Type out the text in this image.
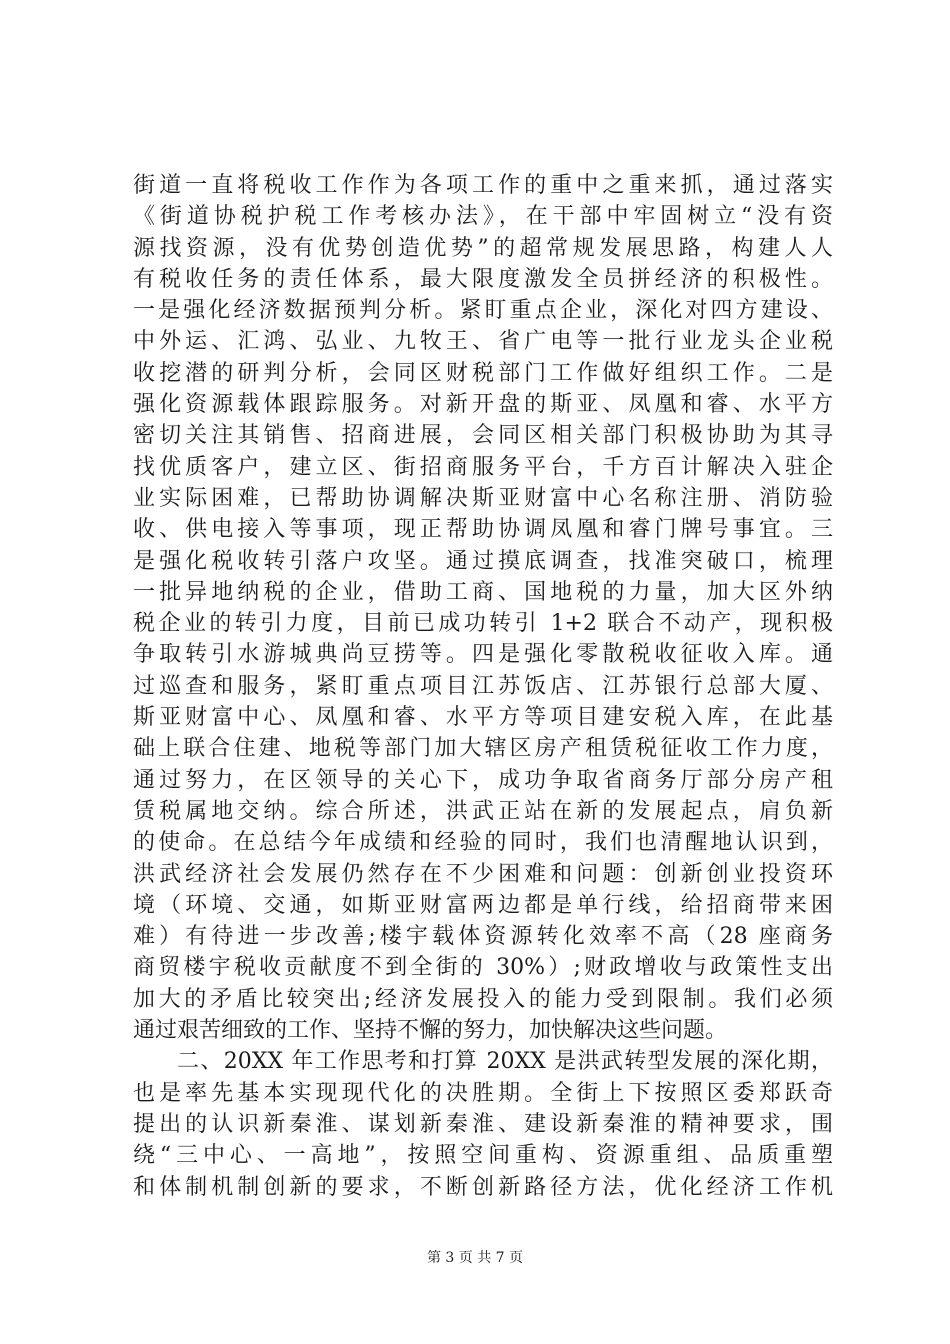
街道一直将税收工作作为各项工作的重中之重来抓，通过落实
《街道协税护税工作考核办法》，在干部中牢固树立“没有资
源找资源，没有优势创造优势”的超常规发展思路，构建人人
有税收任务的责任体系，最大限度激发全员拼经济的积极性。
一是强化经济数据预判分析。紧盯重点企业，深化对四方建设、
中外运、汇鸿、弘业、九牧王、省广电等一批行业龙头企业税
收挖潜的研判分析，会同区财税部门工作做好组织工作。二是
强化资源载体跟踪服务。对新开盘的斯亚、凤凰和睿、水平方
密切关注其销售、招商进展，会同区相关部门积极协助为其寻
找优质客户，建立区、街招商服务平台，千方百计解决入驻企
业实际困难，已帮助协调解决斯亚财富中心名称注册、消防验
收、供电接入等事项，现正帮助协调凤凰和睿门牌号事宜。三
是强化税收转引落户攻坚。通过摸底调查，找准突破口，梳理
一批异地纳税的企业，借助工商、国地税的力量，加大区外纳
税企业的转引力度，目前已成功转引 1+2 联合不动产，现积极
争取转引水游城典尚豆捞等。四是强化零散税收征收入库。通
过巡查和服务，紧盯重点项目江苏饭店、江苏银行总部大厦、
斯亚财富中心、凤凰和睿、水平方等项目建安税入库，在此基
础上联合住建、地税等部门加大辖区房产租赁税征收工作力度，
通过努力，在区领导的关心下，成功争取省商务厅部分房产租
赁税属地交纳。综合所述，洪武正站在新的发展起点，肩负新
的使命。在总结今年成绩和经验的同时，我们也清醒地认识到，
洪武经济社会发展仍然存在不少困难和问题：创新创业投资环
境（环境、交通，如斯亚财富两边都是单行线，给招商带来困
难）有待进一步改善;楼宇载体资源转化效率不高（28 座商务
商贸楼宇税收贡献度不到全街的 30%）;财政增收与政策性支出
加大的矛盾比较突出;经济发展投入的能力受到限制。我们必须
通过艰苦细致的工作、坚持不懈的努力，加快解决这些问题。
二、20XX 年工作思考和打算 20XX 是洪武转型发展的深化期，
也是率先基本实现现代化的决胜期。全街上下按照区委郑跃奇
提出的认识新秦淮、谋划新秦淮、建设新秦淮的精神要求，围
绕“三中心、一高地”，按照空间重构、资源重组、品质重塑
和体制机制创新的要求，不断创新路径方法，优化经济工作机
第 3 页 共 7 页
